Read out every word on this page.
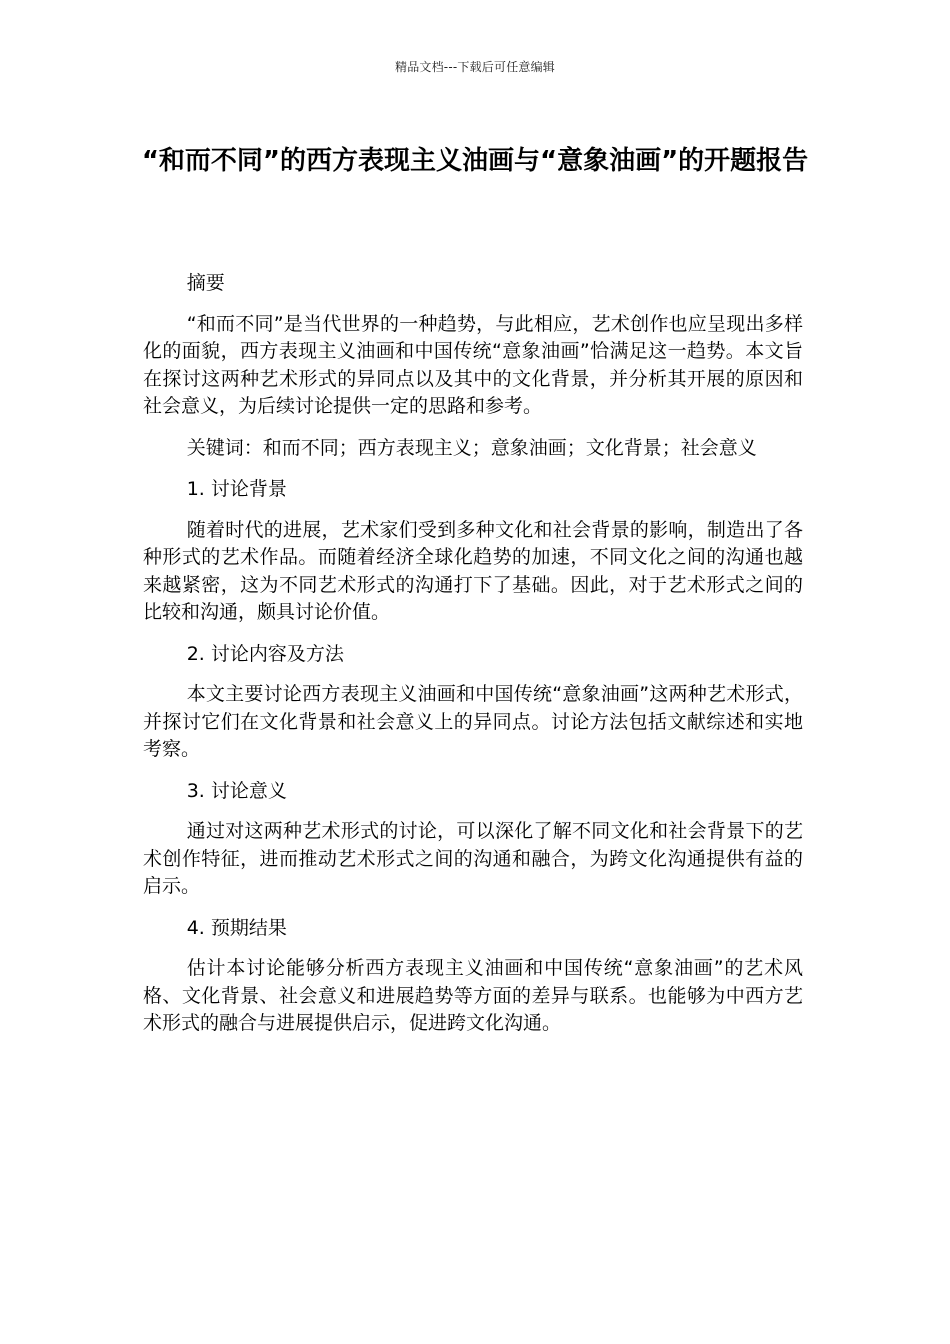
精品文档---下载后可任意编辑
“和而不同”的西方表现主义油画与“意象油画”的开题报告

摘要

“和而不同”是当代世界的一种趋势，与此相应，艺术创作也应呈现出多样化的面貌，西方表现主义油画和中国传统“意象油画”恰满足这一趋势。本文旨在探讨这两种艺术形式的异同点以及其中的文化背景，并分析其开展的原因和社会意义，为后续讨论提供一定的思路和参考。

关键词：和而不同；西方表现主义；意象油画；文化背景；社会意义

1. 讨论背景

随着时代的进展，艺术家们受到多种文化和社会背景的影响，制造出了各种形式的艺术作品。而随着经济全球化趋势的加速，不同文化之间的沟通也越来越紧密，这为不同艺术形式的沟通打下了基础。因此，对于艺术形式之间的比较和沟通，颇具讨论价值。

2. 讨论内容及方法

本文主要讨论西方表现主义油画和中国传统“意象油画”这两种艺术形式，并探讨它们在文化背景和社会意义上的异同点。讨论方法包括文献综述和实地考察。

3. 讨论意义

通过对这两种艺术形式的讨论，可以深化了解不同文化和社会背景下的艺术创作特征，进而推动艺术形式之间的沟通和融合，为跨文化沟通提供有益的启示。

4. 预期结果

估计本讨论能够分析西方表现主义油画和中国传统“意象油画”的艺术风格、文化背景、社会意义和进展趋势等方面的差异与联系。也能够为中西方艺术形式的融合与进展提供启示，促进跨文化沟通。
